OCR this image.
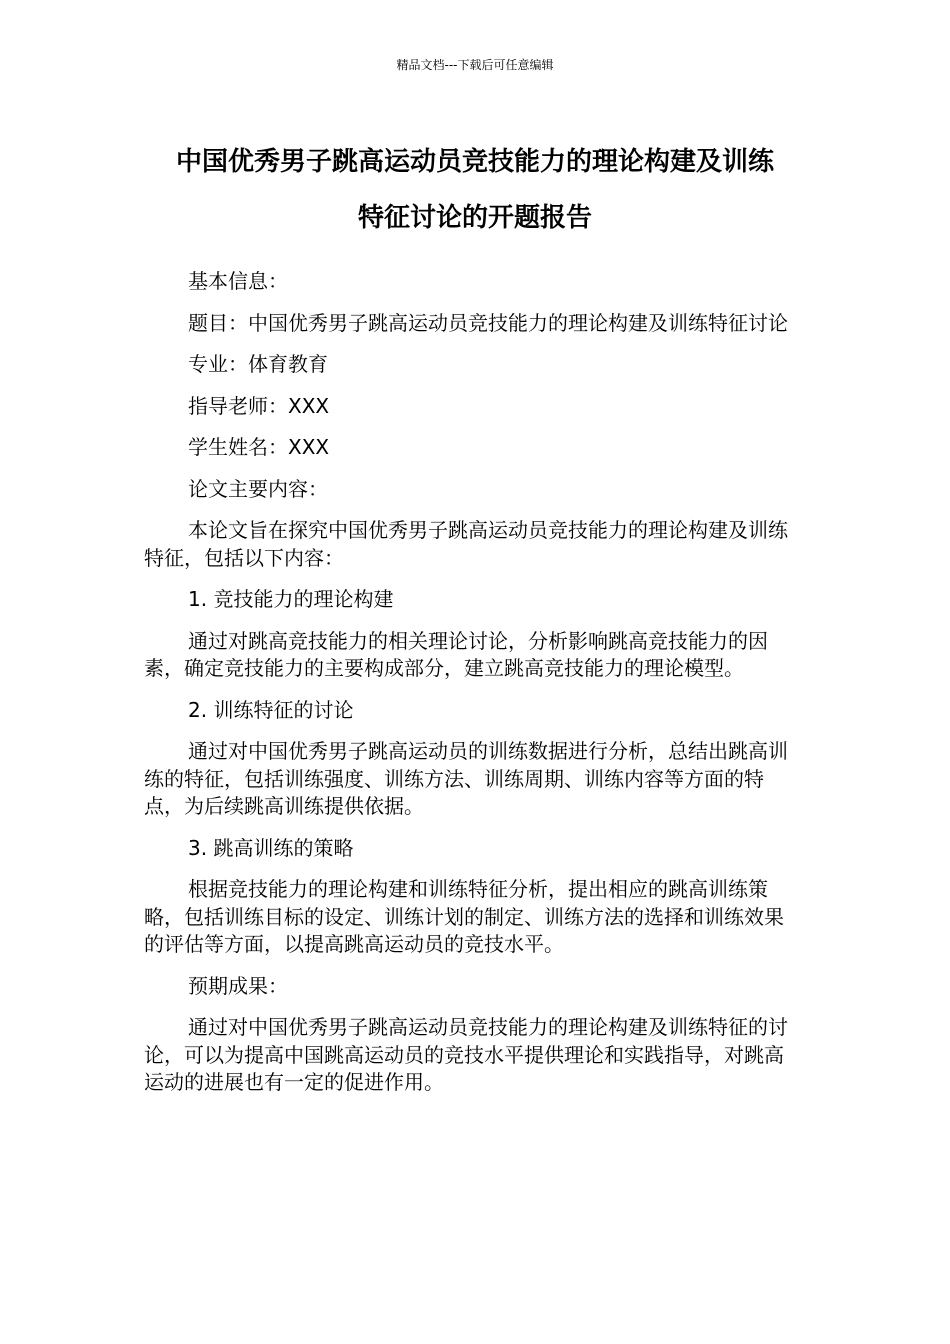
精品文档---下载后可任意编辑
中国优秀男子跳高运动员竞技能力的理论构建及训练
特征讨论的开题报告

基本信息：

题目：中国优秀男子跳高运动员竞技能力的理论构建及训练特征讨论

专业：体育教育

指导老师：XXX

学生姓名：XXX

论文主要内容：

本论文旨在探究中国优秀男子跳高运动员竞技能力的理论构建及训练特征，包括以下内容：

1. 竞技能力的理论构建

通过对跳高竞技能力的相关理论讨论，分析影响跳高竞技能力的因素，确定竞技能力的主要构成部分，建立跳高竞技能力的理论模型。

2. 训练特征的讨论

通过对中国优秀男子跳高运动员的训练数据进行分析，总结出跳高训练的特征，包括训练强度、训练方法、训练周期、训练内容等方面的特点，为后续跳高训练提供依据。

3. 跳高训练的策略

根据竞技能力的理论构建和训练特征分析，提出相应的跳高训练策略，包括训练目标的设定、训练计划的制定、训练方法的选择和训练效果的评估等方面，以提高跳高运动员的竞技水平。

预期成果：

通过对中国优秀男子跳高运动员竞技能力的理论构建及训练特征的讨论，可以为提高中国跳高运动员的竞技水平提供理论和实践指导，对跳高运动的进展也有一定的促进作用。
